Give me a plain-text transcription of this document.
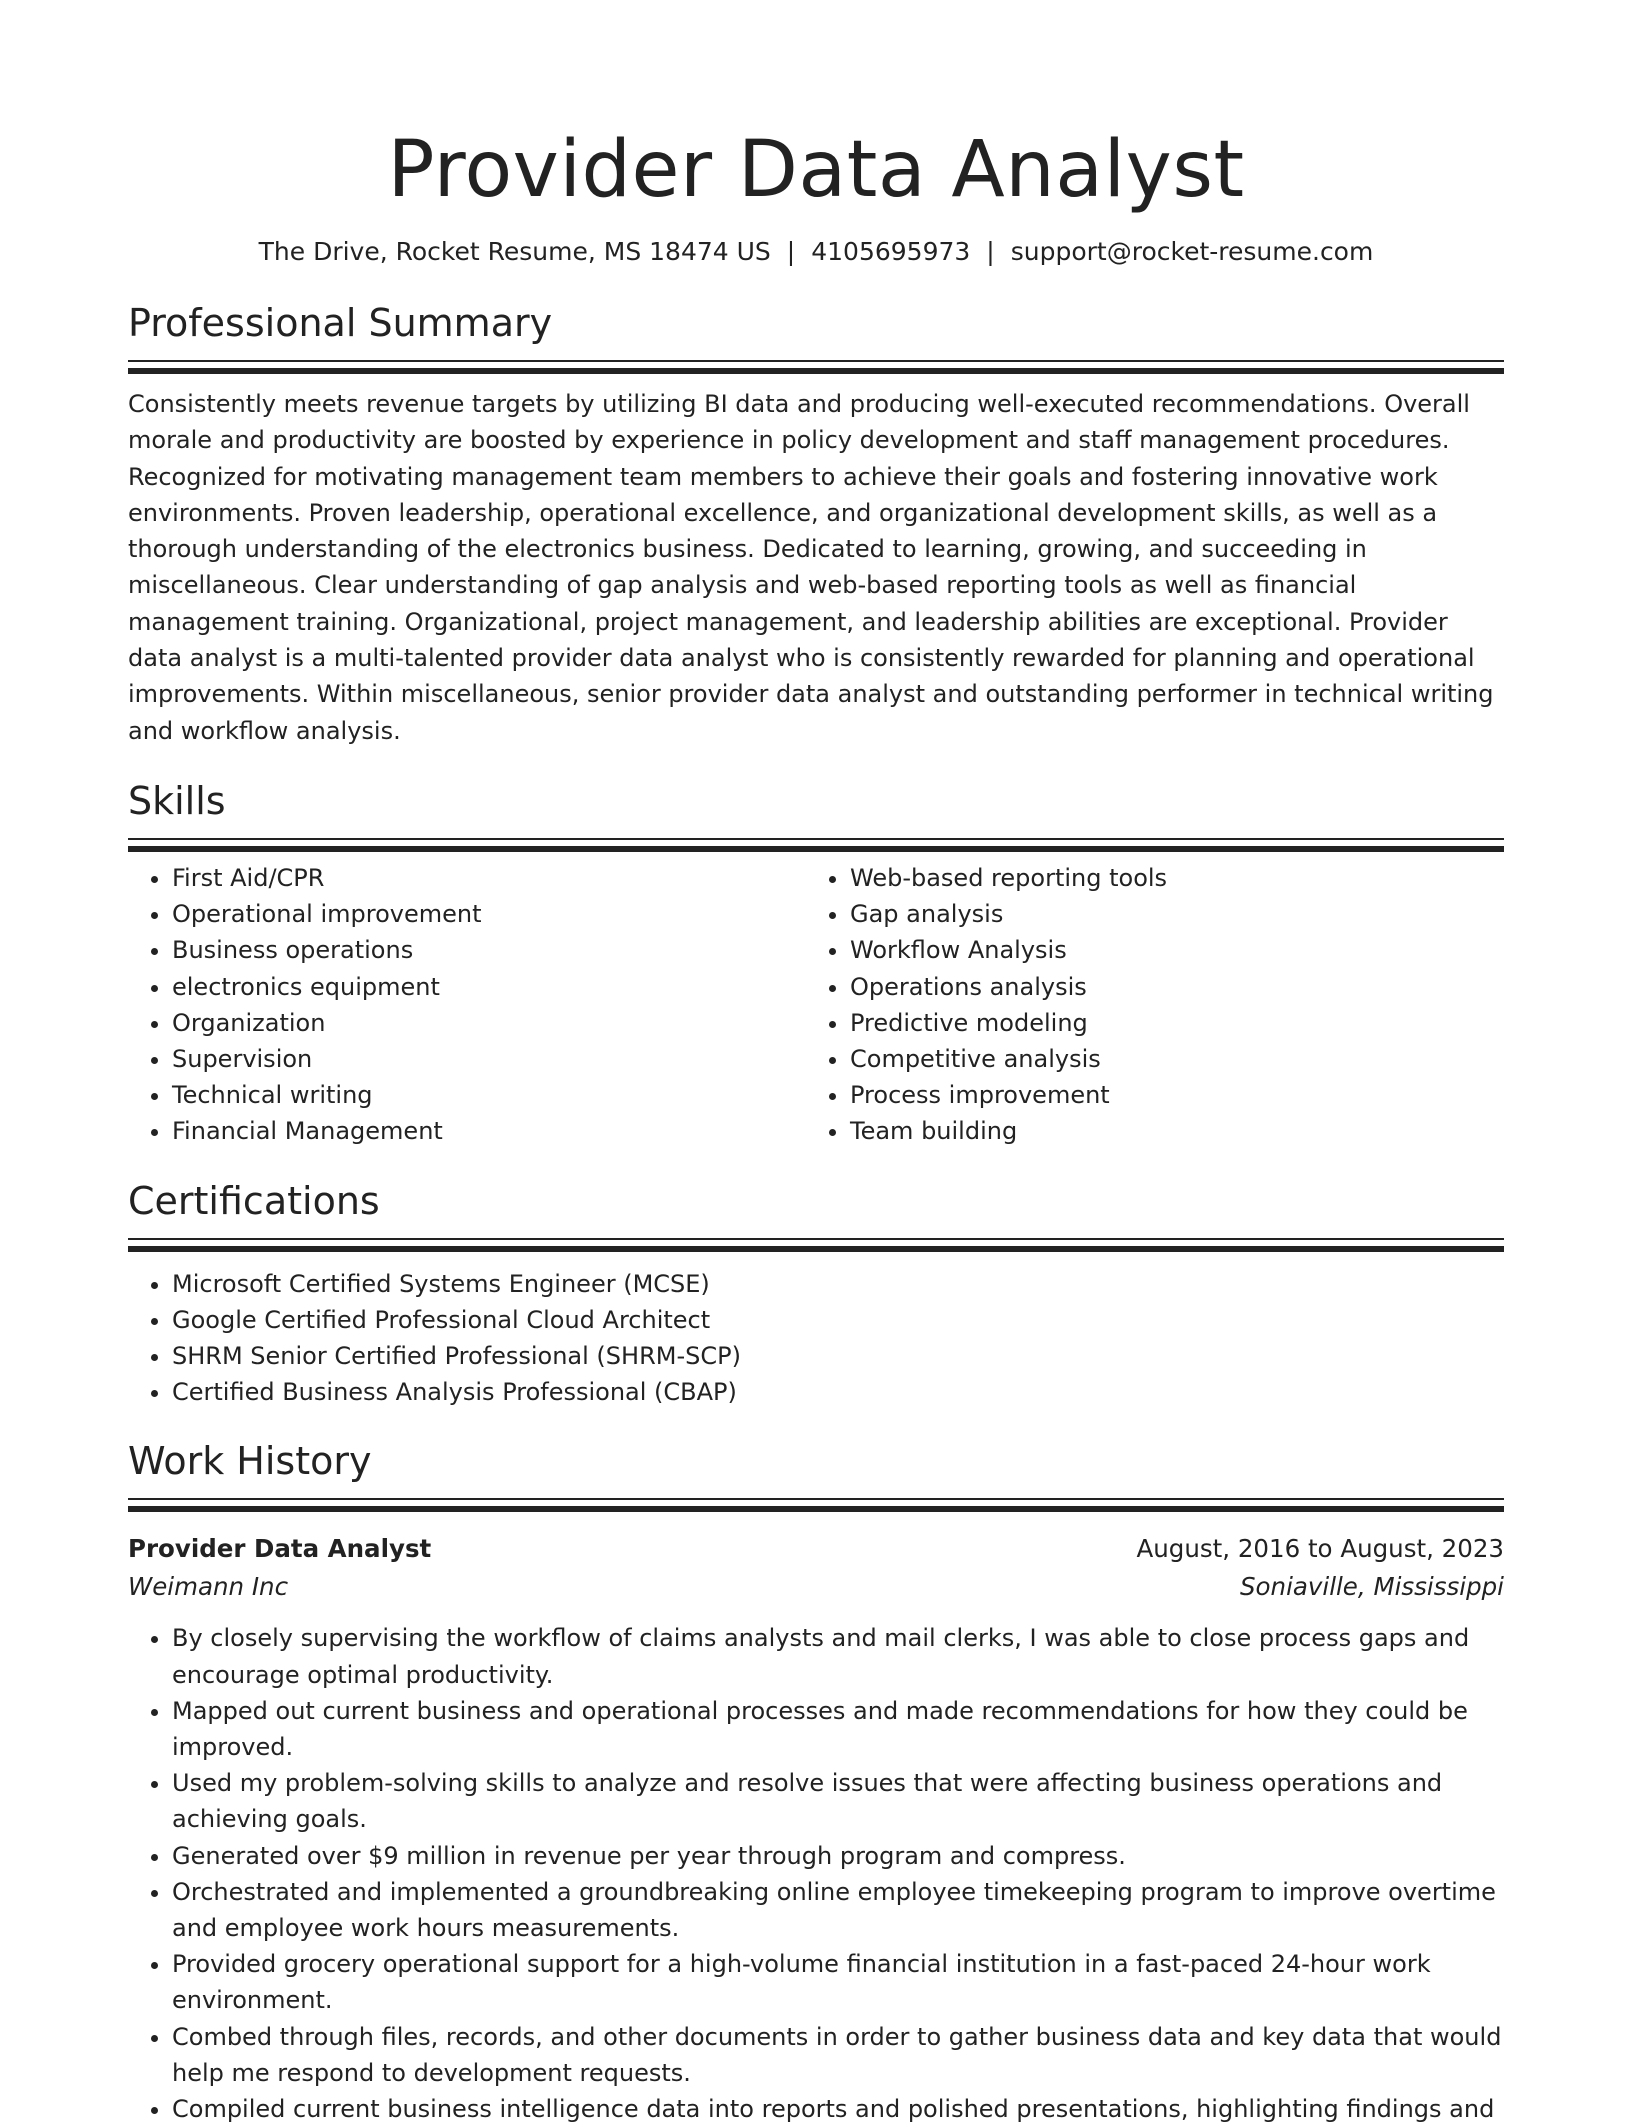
Provider Data Analyst
The Drive, Rocket Resume, MS 18474 US | 4105695973 | support@rocket-resume.com
Professional Summary
Consistently meets revenue targets by utilizing BI data and producing well-executed recommendations. Overall morale and productivity are boosted by experience in policy development and staff management procedures. Recognized for motivating management team members to achieve their goals and fostering innovative work environments. Proven leadership, operational excellence, and organizational development skills, as well as a thorough understanding of the electronics business. Dedicated to learning, growing, and succeeding in miscellaneous. Clear understanding of gap analysis and web-based reporting tools as well as financial management training. Organizational, project management, and leadership abilities are exceptional. Provider data analyst is a multi-talented provider data analyst who is consistently rewarded for planning and operational improvements. Within miscellaneous, senior provider data analyst and outstanding performer in technical writing and workflow analysis.
Skills
• First Aid/CPR
• Operational improvement
• Business operations
• electronics equipment
• Organization
• Supervision
• Technical writing
• Financial Management
• Web-based reporting tools
• Gap analysis
• Workflow Analysis
• Operations analysis
• Predictive modeling
• Competitive analysis
• Process improvement
• Team building
Certifications
• Microsoft Certified Systems Engineer (MCSE)
• Google Certified Professional Cloud Architect
• SHRM Senior Certified Professional (SHRM-SCP)
• Certified Business Analysis Professional (CBAP)
Work History
Provider Data Analyst	August, 2016 to August, 2023
Weimann Inc	Soniaville, Mississippi
• By closely supervising the workflow of claims analysts and mail clerks, I was able to close process gaps and encourage optimal productivity.
• Mapped out current business and operational processes and made recommendations for how they could be improved.
• Used my problem-solving skills to analyze and resolve issues that were affecting business operations and achieving goals.
• Generated over $9 million in revenue per year through program and compress.
• Orchestrated and implemented a groundbreaking online employee timekeeping program to improve overtime and employee work hours measurements.
• Provided grocery operational support for a high-volume financial institution in a fast-paced 24-hour work environment.
• Combed through files, records, and other documents in order to gather business data and key data that would help me respond to development requests.
• Compiled current business intelligence data into reports and polished presentations, highlighting findings and
